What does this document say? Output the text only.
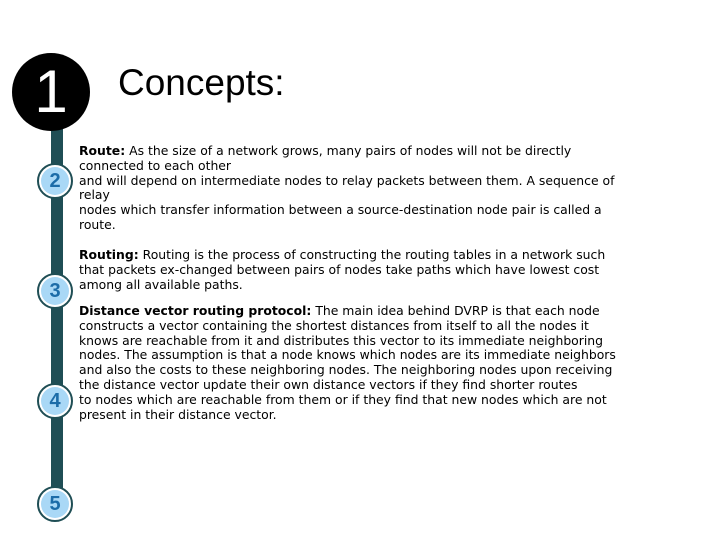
1 Concepts:
2
3
4
5
Route: As the size of a network grows, many pairs of nodes will not be directly
connected to each other
and will depend on intermediate nodes to relay packets between them. A sequence of
relay
nodes which transfer information between a source-destination node pair is called a
route.
Routing: Routing is the process of constructing the routing tables in a network such
that packets ex-changed between pairs of nodes take paths which have lowest cost
among all available paths.
Distance vector routing protocol: The main idea behind DVRP is that each node
constructs a vector containing the shortest distances from itself to all the nodes it
knows are reachable from it and distributes this vector to its immediate neighboring
nodes. The assumption is that a node knows which nodes are its immediate neighbors
and also the costs to these neighboring nodes. The neighboring nodes upon receiving
the distance vector update their own distance vectors if they find shorter routes
to nodes which are reachable from them or if they find that new nodes which are not
present in their distance vector.
